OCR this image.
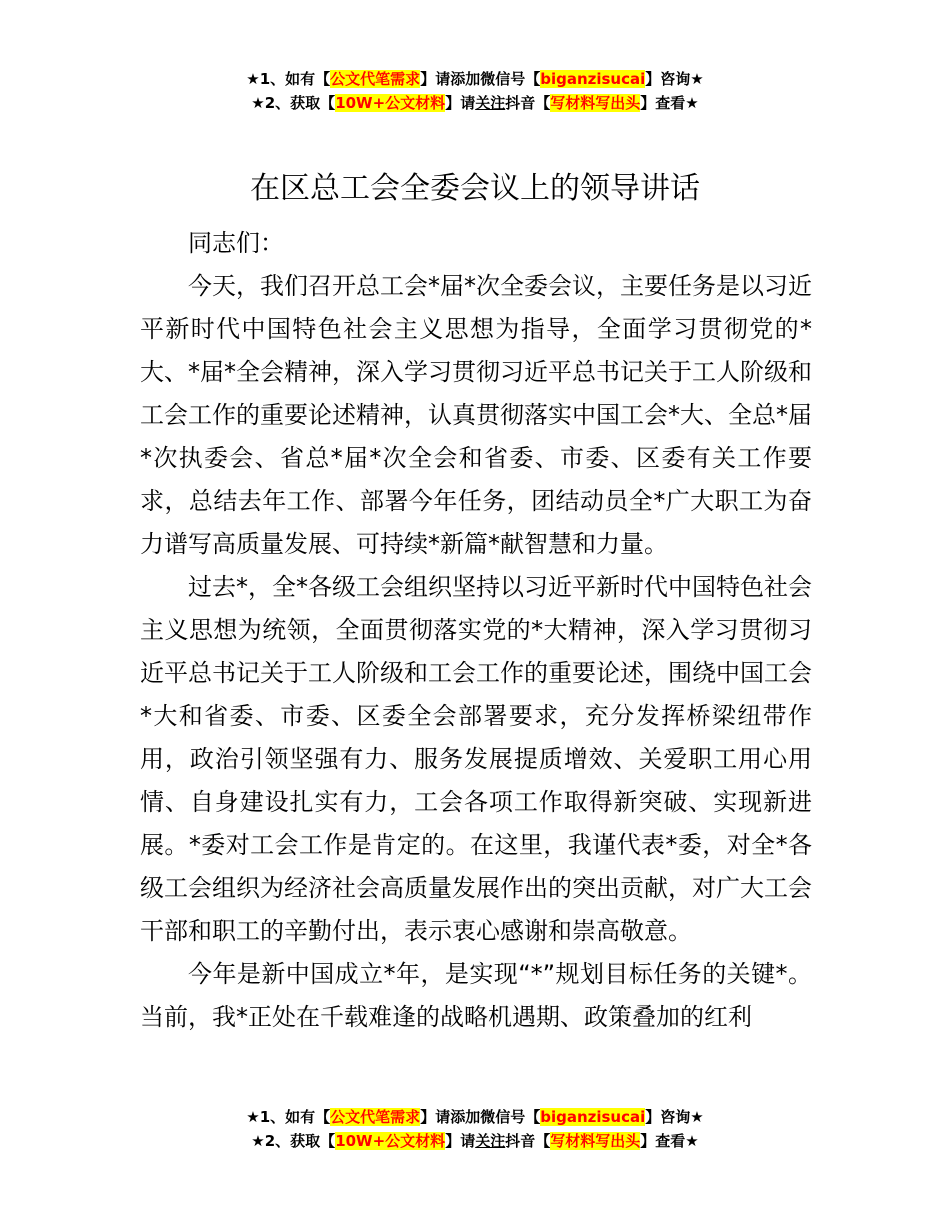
★1、如有【公文代笔需求】请添加微信号【biganzisucai】咨询★
★2、获取【10W+公文材料】请关注抖音【写材料写出头】查看★
在区总工会全委会议上的领导讲话

同志们：

今天，我们召开总工会*届*次全委会议，主要任务是以习近平新时代中国特色社会主义思想为指导，全面学习贯彻党的*大、*届*全会精神，深入学习贯彻习近平总书记关于工人阶级和工会工作的重要论述精神，认真贯彻落实中国工会*大、全总*届*次执委会、省总*届*次全会和省委、市委、区委有关工作要求，总结去年工作、部署今年任务，团结动员全*广大职工为奋力谱写高质量发展、可持续*新篇*献智慧和力量。

过去*，全*各级工会组织坚持以习近平新时代中国特色社会主义思想为统领，全面贯彻落实党的*大精神，深入学习贯彻习近平总书记关于工人阶级和工会工作的重要论述，围绕中国工会*大和省委、市委、区委全会部署要求，充分发挥桥梁纽带作用，政治引领坚强有力、服务发展提质增效、关爱职工用心用情、自身建设扎实有力，工会各项工作取得新突破、实现新进展。*委对工会工作是肯定的。在这里，我谨代表*委，对全*各级工会组织为经济社会高质量发展作出的突出贡献，对广大工会干部和职工的辛勤付出，表示衷心感谢和崇高敬意。

今年是新中国成立*年，是实现“*”规划目标任务的关键*。当前，我*正处在千载难逢的战略机遇期、政策叠加的红利

★1、如有【公文代笔需求】请添加微信号【biganzisucai】咨询★
★2、获取【10W+公文材料】请关注抖音【写材料写出头】查看★
